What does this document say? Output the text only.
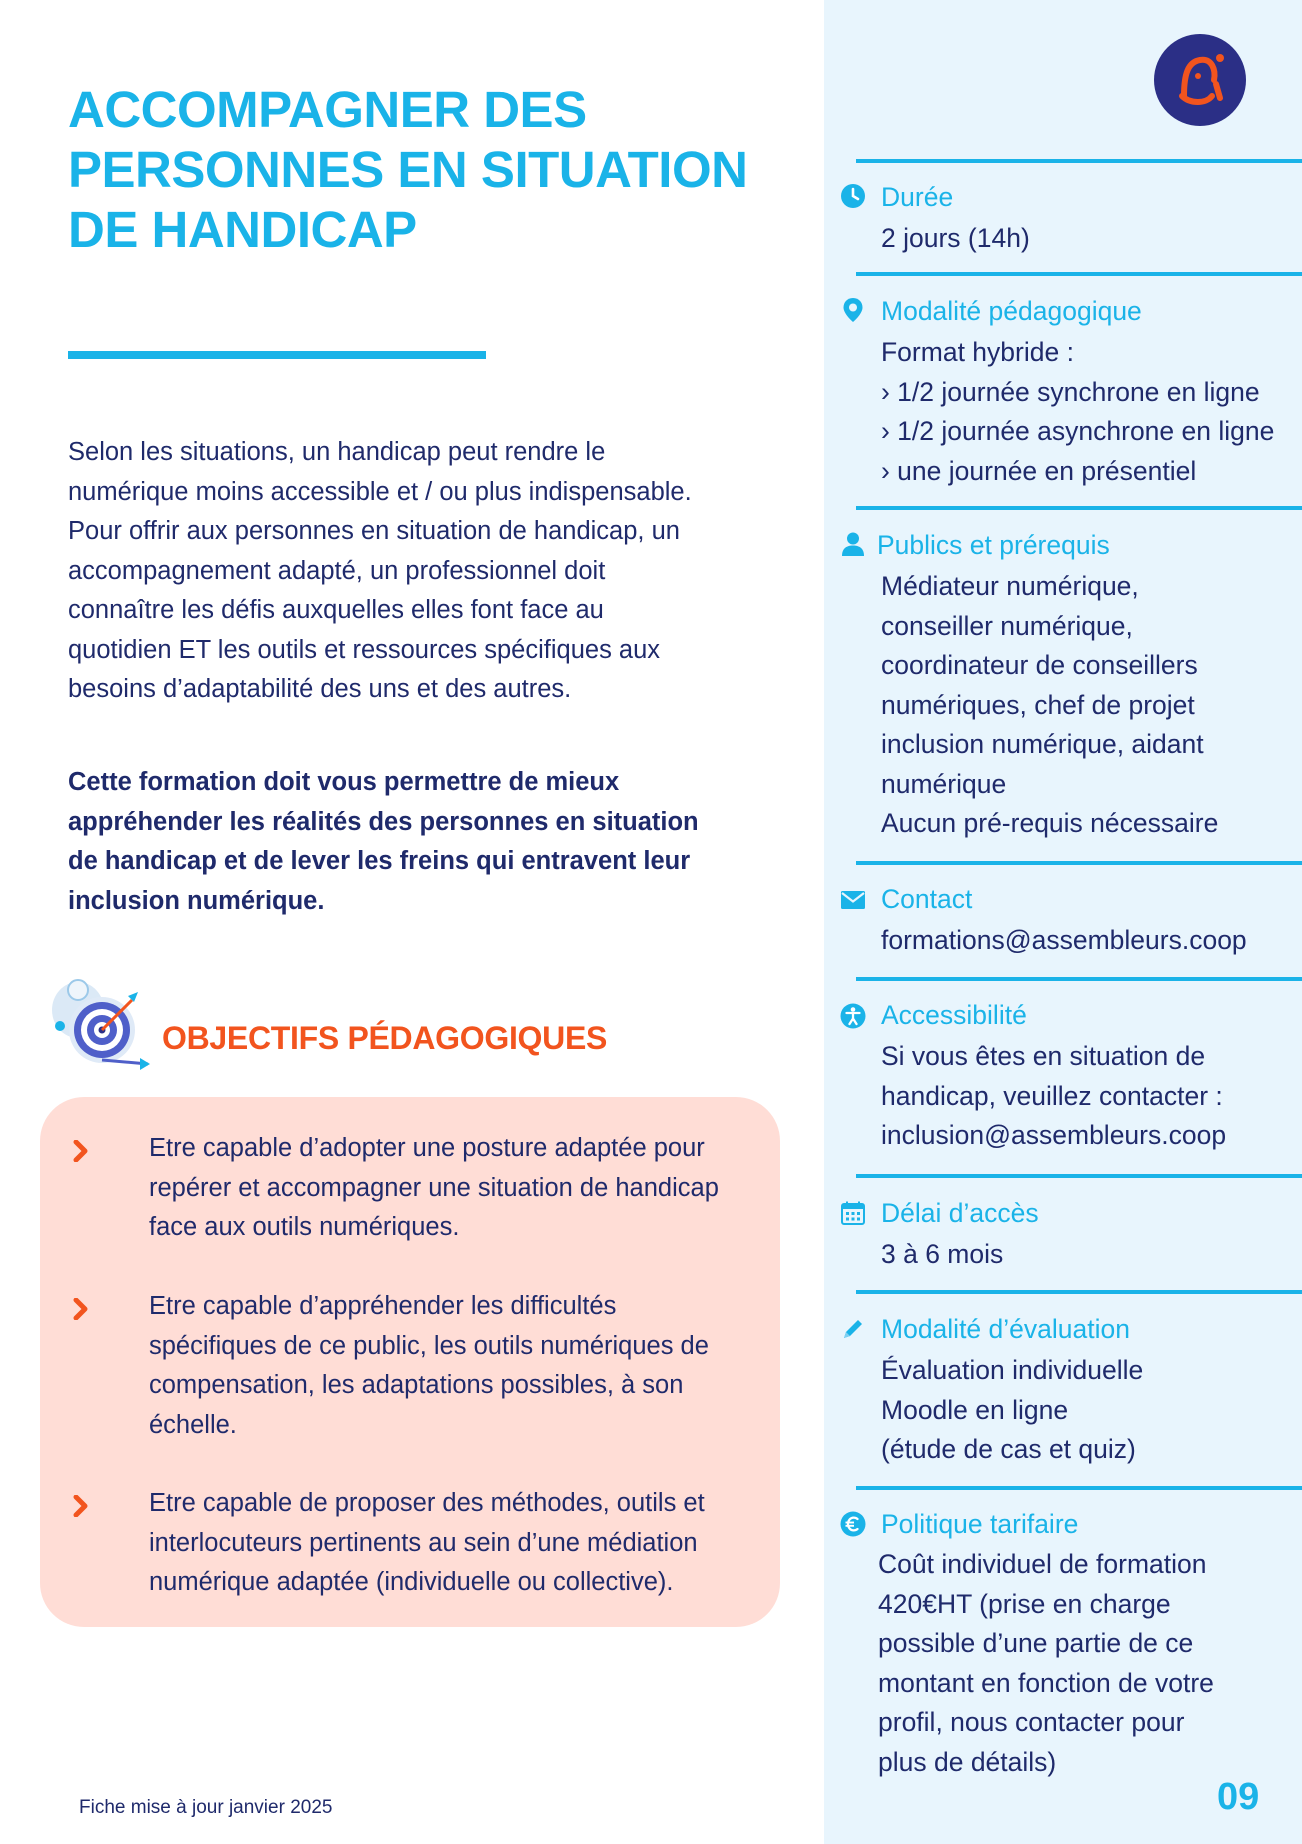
ACCOMPAGNER DES
PERSONNES EN SITUATION
DE HANDICAP

Selon les situations, un handicap peut rendre le
numérique moins accessible et / ou plus indispensable.
Pour offrir aux personnes en situation de handicap, un
accompagnement adapté, un professionnel doit
connaître les défis auxquelles elles font face au
quotidien ET les outils et ressources spécifiques aux
besoins d’adaptabilité des uns et des autres.

Cette formation doit vous permettre de mieux
appréhender les réalités des personnes en situation
de handicap et de lever les freins qui entravent leur
inclusion numérique.

OBJECTIFS PÉDAGOGIQUES
Etre capable d’adopter une posture adaptée pour
repérer et accompagner une situation de handicap
face aux outils numériques.
Etre capable d’appréhender les difficultés
spécifiques de ce public, les outils numériques de
compensation, les adaptations possibles, à son
échelle.
Etre capable de proposer des méthodes, outils et
interlocuteurs pertinents au sein d’une médiation
numérique adaptée (individuelle ou collective).
Fiche mise à jour janvier 2025
Durée
2 jours (14h)
Modalité pédagogique
Format hybride :
› 1/2 journée synchrone en ligne
› 1/2 journée asynchrone en ligne
› une journée en présentiel
Publics et prérequis
Médiateur numérique,
conseiller numérique,
coordinateur de conseillers
numériques, chef de projet
inclusion numérique, aidant
numérique
Aucun pré-requis nécessaire
Contact
formations@assembleurs.coop
Accessibilité
Si vous êtes en situation de
handicap, veuillez contacter :
inclusion@assembleurs.coop
Délai d’accès
3 à 6 mois
Modalité d’évaluation
Évaluation individuelle
Moodle en ligne
(étude de cas et quiz)
Politique tarifaire
Coût individuel de formation
420€HT (prise en charge
possible d’une partie de ce
montant en fonction de votre
profil, nous contacter pour
plus de détails)
09
